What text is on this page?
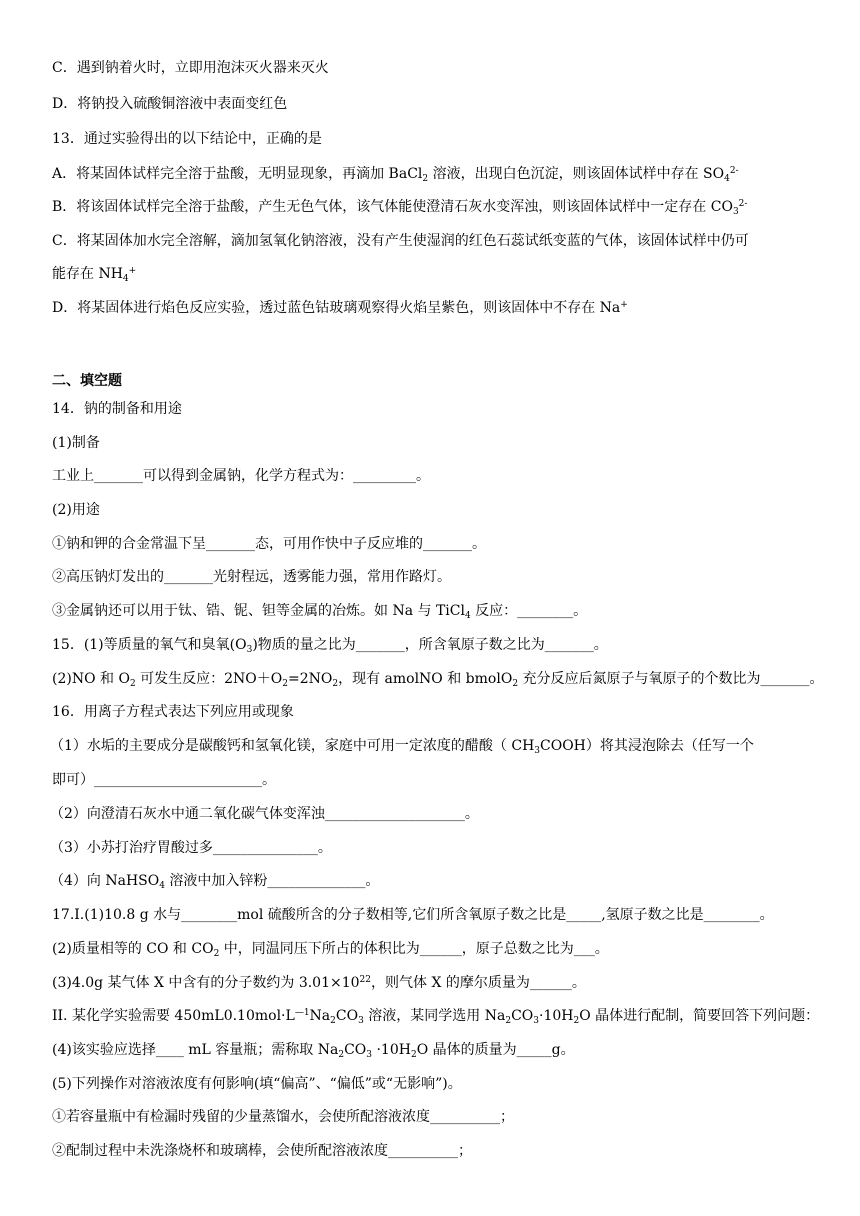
C．遇到钠着火时，立即用泡沫灭火器来灭火
D．将钠投入硫酸铜溶液中表面变红色
13．通过实验得出的以下结论中，正确的是
A．将某固体试样完全溶于盐酸，无明显现象，再滴加 BaCl$_2$ 溶液，出现白色沉淀，则该固体试样中存在 $SO_4^{2-}$
B．将该固体试样完全溶于盐酸，产生无色气体，该气体能使澄清石灰水变浑浊，则该固体试样中一定存在 $CO_3^{2-}$
C．将某固体加水完全溶解，滴加氢氧化钠溶液，没有产生使湿润的红色石蕊试纸变蓝的气体，该固体试样中仍可
能存在 $NH_4^+$
D．将某固体进行焰色反应实验，透过蓝色钴玻璃观察得火焰呈紫色，则该固体中不存在 Na+
二、填空题
14．钠的制备和用途
(1)制备
工业上_______可以得到金属钠，化学方程式为：_________。
(2)用途
①钠和钾的合金常温下呈_______态，可用作快中子反应堆的_______。
②高压钠灯发出的_______光射程远，透雾能力强，常用作路灯。
③金属钠还可以用于钛、锆、铌、钽等金属的冶炼。如 Na 与 TiCl$_4$ 反应：________。
15．(1)等质量的氧气和臭氧$(O_3)$物质的量之比为_______，所含氧原子数之比为_______。
(2)NO 和 $O_2$ 可发生反应：$2NO+O_2=2NO_2$，现有 amolNO 和 bmolO$_2$ 充分反应后氮原子与氧原子的个数比为_______。
16．用离子方程式表达下列应用或现象
（1）水垢的主要成分是碳酸钙和氢氧化镁，家庭中可用一定浓度的醋酸（ $CH_3COOH$）将其浸泡除去（任写一个
即可）________________________。
（2）向澄清石灰水中通二氧化碳气体变浑浊____________________。
（3）小苏打治疗胃酸过多_______________。
（4）向 NaHSO$_4$ 溶液中加入锌粉______________。
17.Ⅰ.(1)10.8 g 水与________mol 硫酸所含的分子数相等,它们所含氧原子数之比是_____,氢原子数之比是________。
(2)质量相等的 CO 和 $CO_2$ 中，同温同压下所占的体积比为______，原子总数之比为___。
(3)4.0g 某气体 X 中含有的分子数约为 $3.01\times 10^{22}$，则气体 X 的摩尔质量为______。
II. 某化学实验需要 $450mL0.10mol\cdot L^{—1}Na_2CO_3$ 溶液，某同学选用 $Na_2CO_3\cdot 10H_2O$ 晶体进行配制，简要回答下列问题：
(4)该实验应选择____ mL 容量瓶；需称取 $Na_2CO_3 \cdot 10H_2O$ 晶体的质量为_____g。
(5)下列操作对溶液浓度有何影响(填“偏高”、“偏低”或“无影响”)。
①若容量瓶中有检漏时残留的少量蒸馏水，会使所配溶液浓度__________；
②配制过程中未洗涤烧杯和玻璃棒，会使所配溶液浓度__________；
